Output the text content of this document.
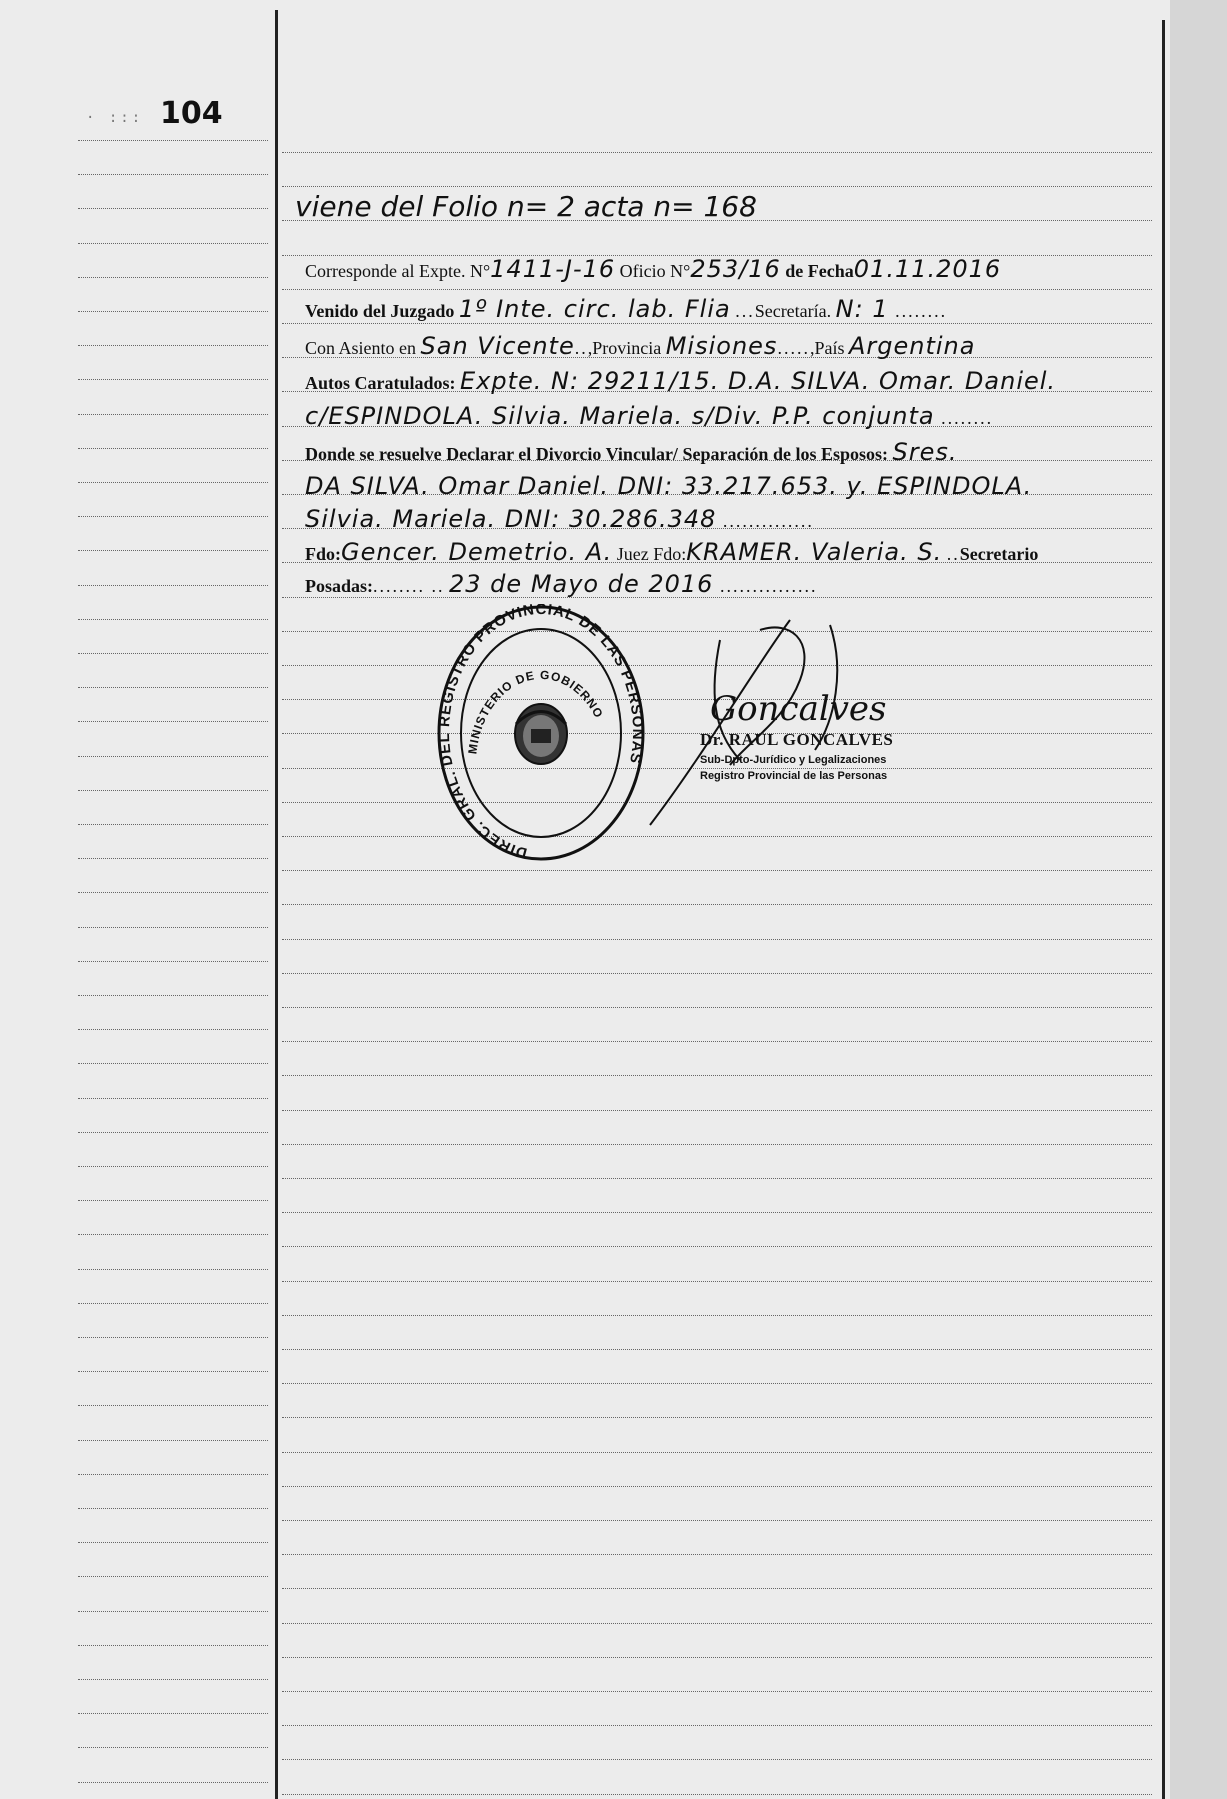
· ::: 104
viene del Folio n= 2 acta n= 168
Corresponde al Expte. N°1411-J-16 Oficio N°253/16 de Fecha01.11.2016
Venido del Juzgado 1º Inte. circ. lab. Flia ...Secretaría. N: 1 ........
Con Asiento en San Vicente..,Provincia Misiones.....,País Argentina
Autos Caratulados: Expte. N: 29211/15. D.A. SILVA. Omar. Daniel.
c/ESPINDOLA. Silvia. Mariela. s/Div. P.P. conjunta ........
Donde se resuelve Declarar el Divorcio Vincular/ Separación de los Esposos: Sres.
DA SILVA. Omar Daniel. DNI: 33.217.653. y. ESPINDOLA.
Silvia. Mariela. DNI: 30.286.348 ..............
Fdo:Gencer. Demetrio. A. Juez Fdo:KRAMER. Valeria. S. ..Secretario
Posadas:........ .. 23 de Mayo de 2016 ...............
DIREC. GRAL. DEL REGISTRO PROVINCIAL DE LAS PERSONAS
MINISTERIO DE GOBIERNO	Goncalves
Dr. RAUL GONCALVES
Sub-Dpto-Jurídico y Legalizaciones
Registro Provincial de las Personas
